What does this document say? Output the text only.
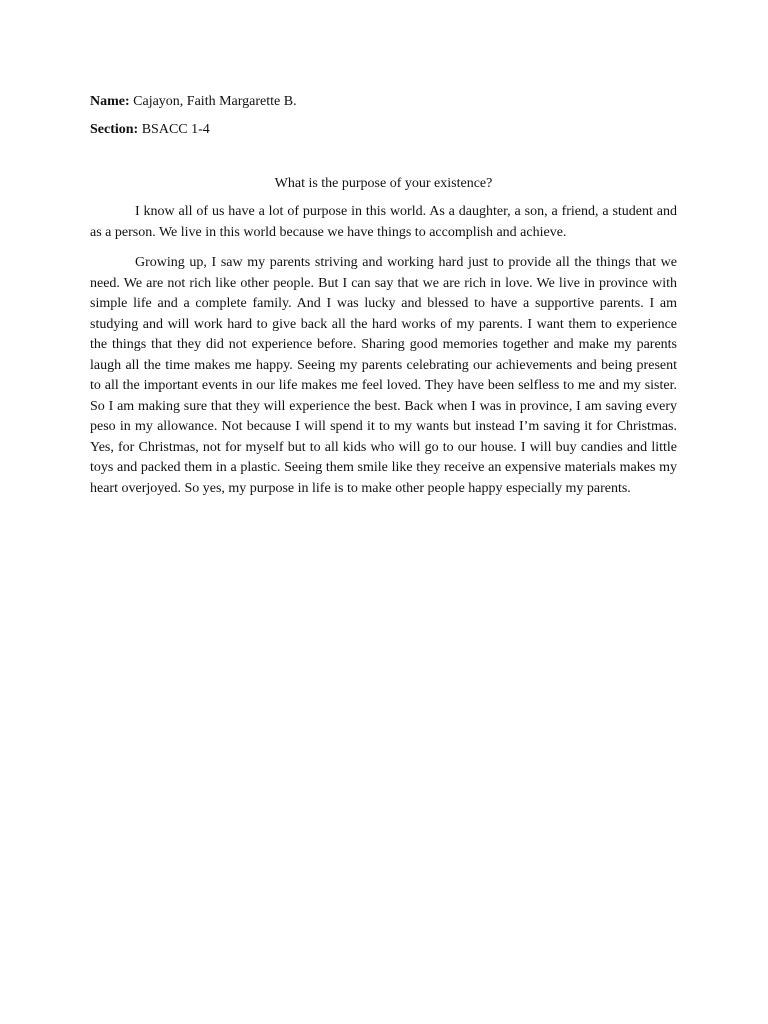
Name: Cajayon, Faith Margarette B.

Section: BSACC 1-4

What is the purpose of your existence?

I know all of us have a lot of purpose in this world. As a daughter, a son, a friend, a student and as a person. We live in this world because we have things to accomplish and achieve.

Growing up, I saw my parents striving and working hard just to provide all the things that we need. We are not rich like other people. But I can say that we are rich in love. We live in province with simple life and a complete family. And I was lucky and blessed to have a supportive parents. I am studying and will work hard to give back all the hard works of my parents. I want them to experience the things that they did not experience before. Sharing good memories together and make my parents laugh all the time makes me happy. Seeing my parents celebrating our achievements and being present to all the important events in our life makes me feel loved. They have been selfless to me and my sister. So I am making sure that they will experience the best. Back when I was in province, I am saving every peso in my allowance. Not because I will spend it to my wants but instead I’m saving it for Christmas. Yes, for Christmas, not for myself but to all kids who will go to our house. I will buy candies and little toys and packed them in a plastic. Seeing them smile like they receive an expensive materials makes my heart overjoyed. So yes, my purpose in life is to make other people happy especially my parents.
